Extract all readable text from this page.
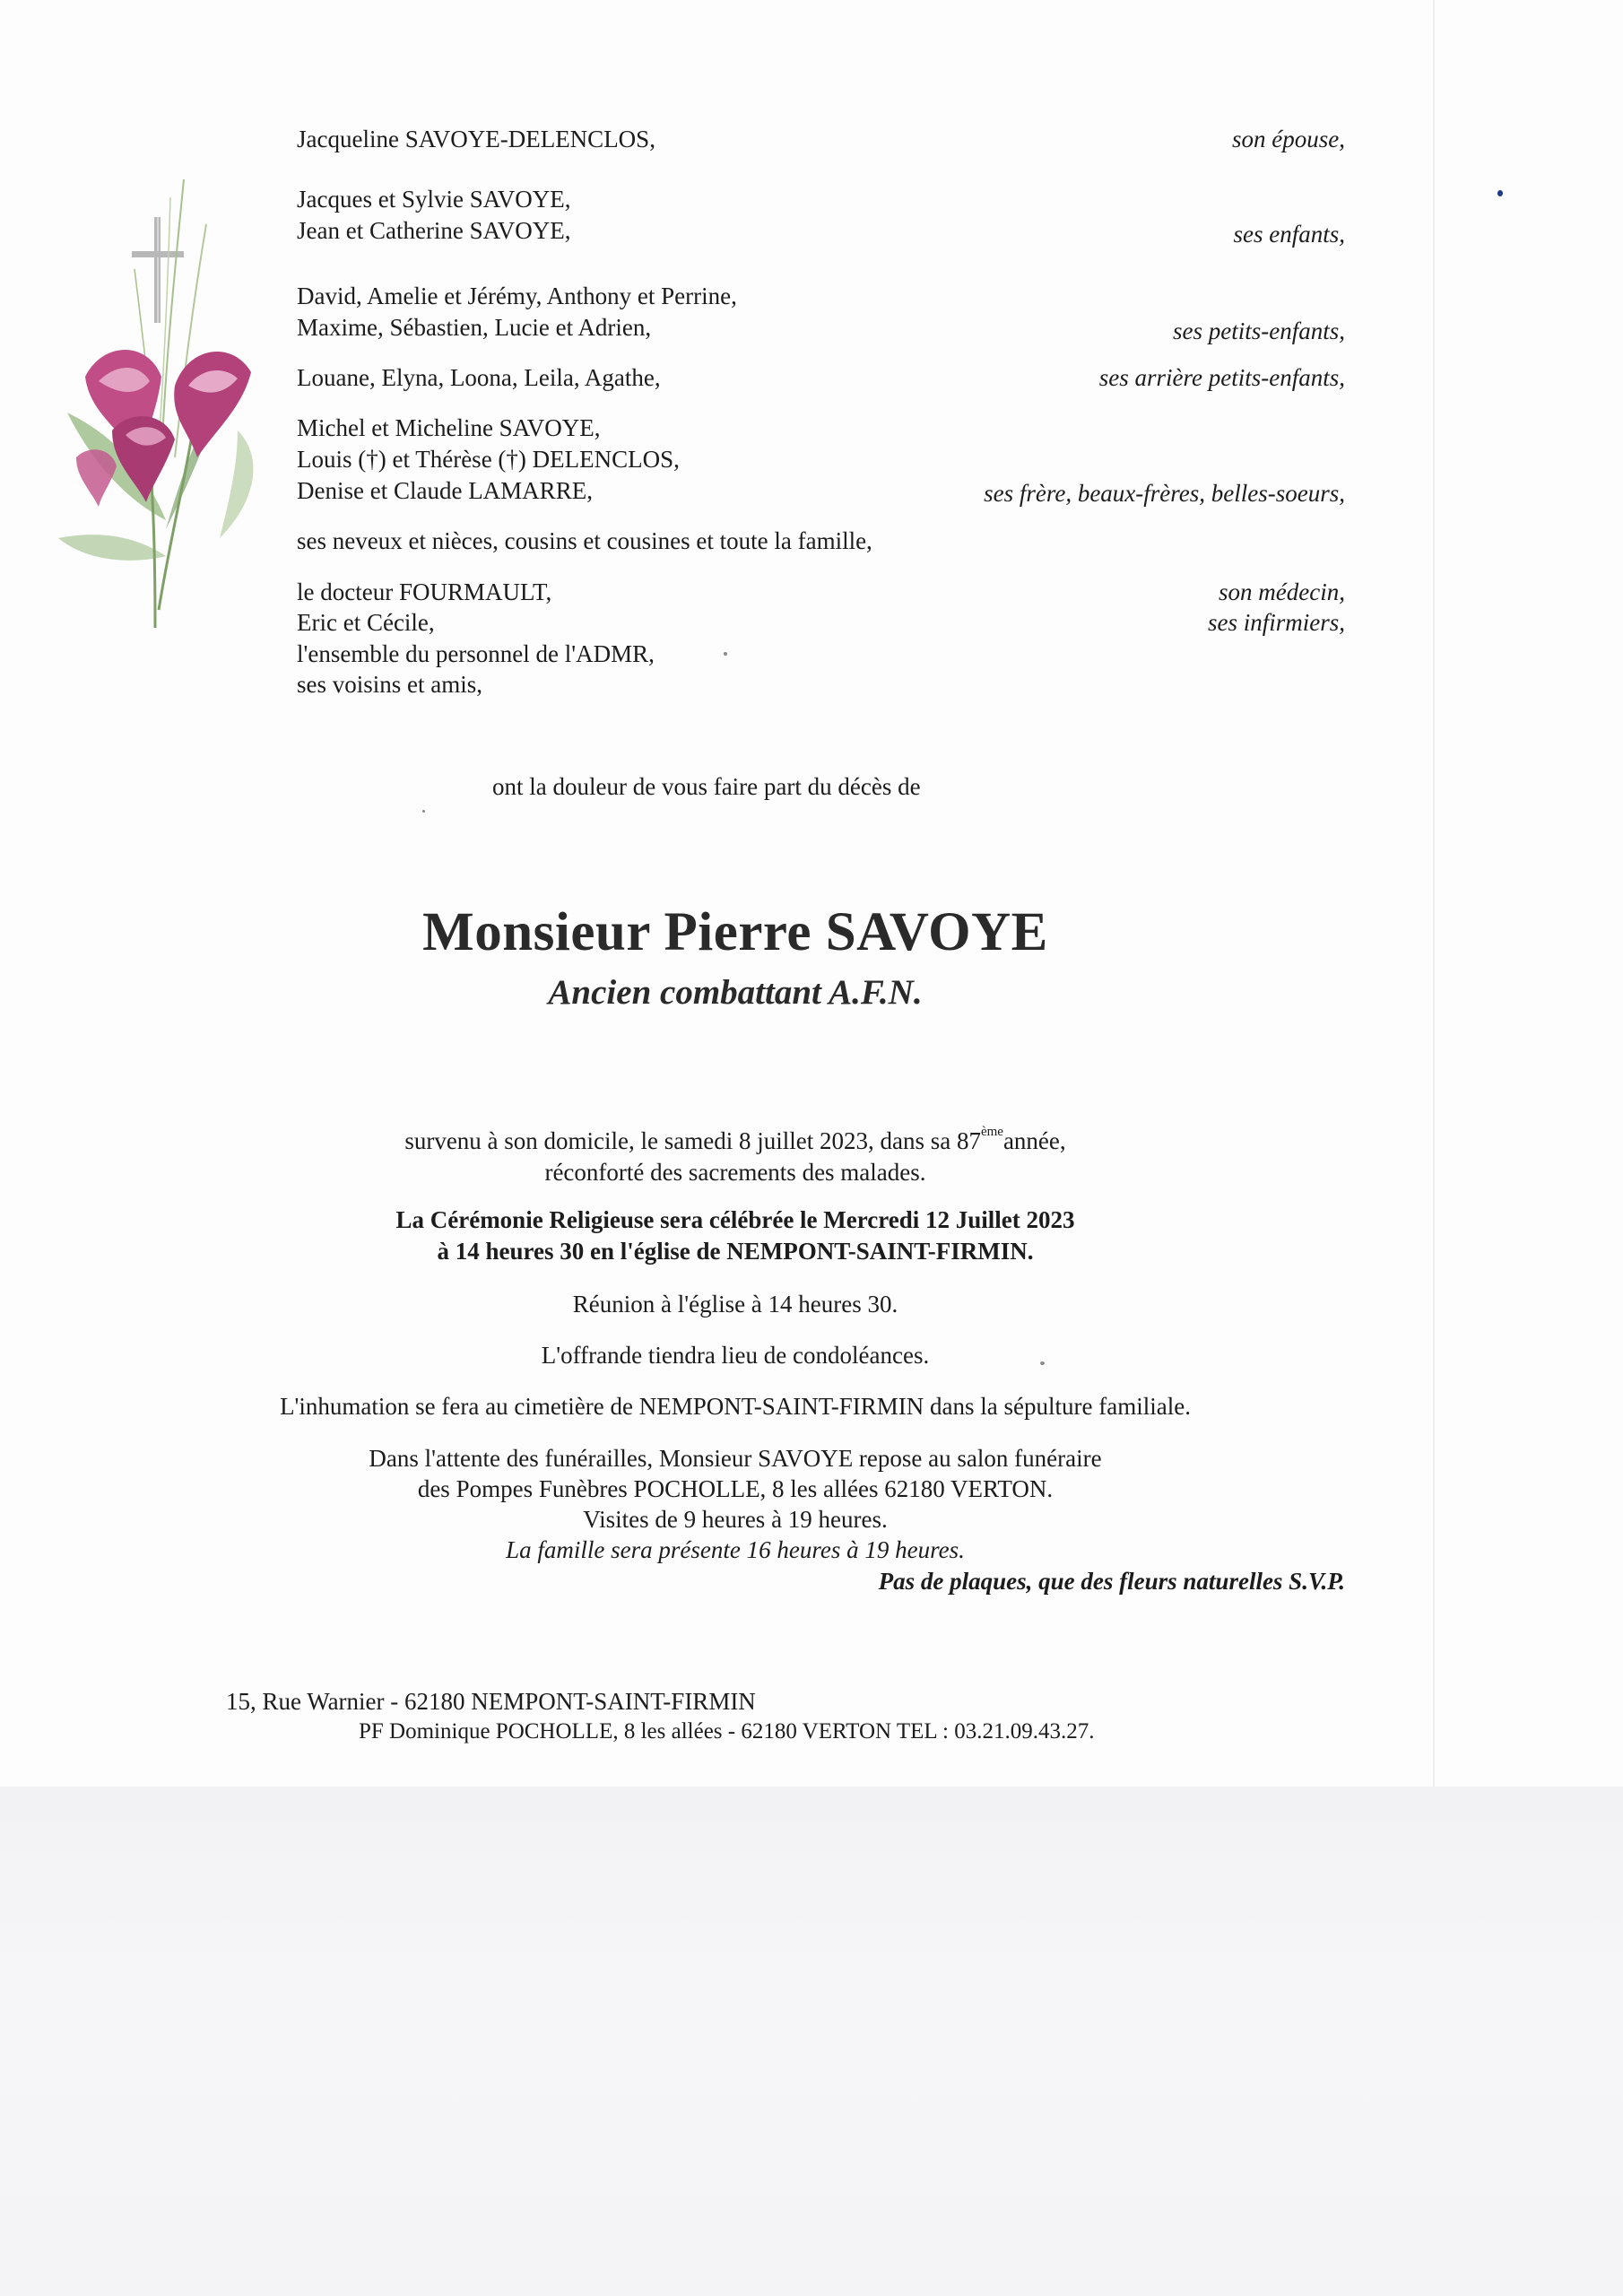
Jacqueline SAVOYE-DELENCLOS,	son épouse,
Jacques et Sylvie SAVOYE,
Jean et Catherine SAVOYE,	ses enfants,
David, Amelie et Jérémy, Anthony et Perrine,
Maxime, Sébastien, Lucie et Adrien,	ses petits-enfants,
Louane, Elyna, Loona, Leila, Agathe,	ses arrière petits-enfants,
Michel et Micheline SAVOYE,
Louis (†) et Thérèse (†) DELENCLOS,
Denise et Claude LAMARRE,	ses frère, beaux-frères, belles-soeurs,
ses neveux et nièces, cousins et cousines et toute la famille,
le docteur FOURMAULT,	son médecin,
Eric et Cécile,	ses infirmiers,
l'ensemble du personnel de l'ADMR,
ses voisins et amis,
ont la douleur de vous faire part du décès de
Monsieur Pierre SAVOYE
Ancien combattant A.F.N.
survenu à son domicile, le samedi 8 juillet 2023, dans sa 87èmeannée,
réconforté des sacrements des malades.
La Cérémonie Religieuse sera célébrée le Mercredi 12 Juillet 2023
à 14 heures 30 en l'église de NEMPONT-SAINT-FIRMIN.
Réunion à l'église à 14 heures 30.
L'offrande tiendra lieu de condoléances.
L'inhumation se fera au cimetière de NEMPONT-SAINT-FIRMIN dans la sépulture familiale.
Dans l'attente des funérailles, Monsieur SAVOYE repose au salon funéraire
des Pompes Funèbres POCHOLLE, 8 les allées 62180 VERTON.
Visites de 9 heures à 19 heures.
La famille sera présente 16 heures à 19 heures.
Pas de plaques, que des fleurs naturelles S.V.P.
15, Rue Warnier - 62180 NEMPONT-SAINT-FIRMIN
PF Dominique POCHOLLE, 8 les allées - 62180 VERTON TEL : 03.21.09.43.27.
